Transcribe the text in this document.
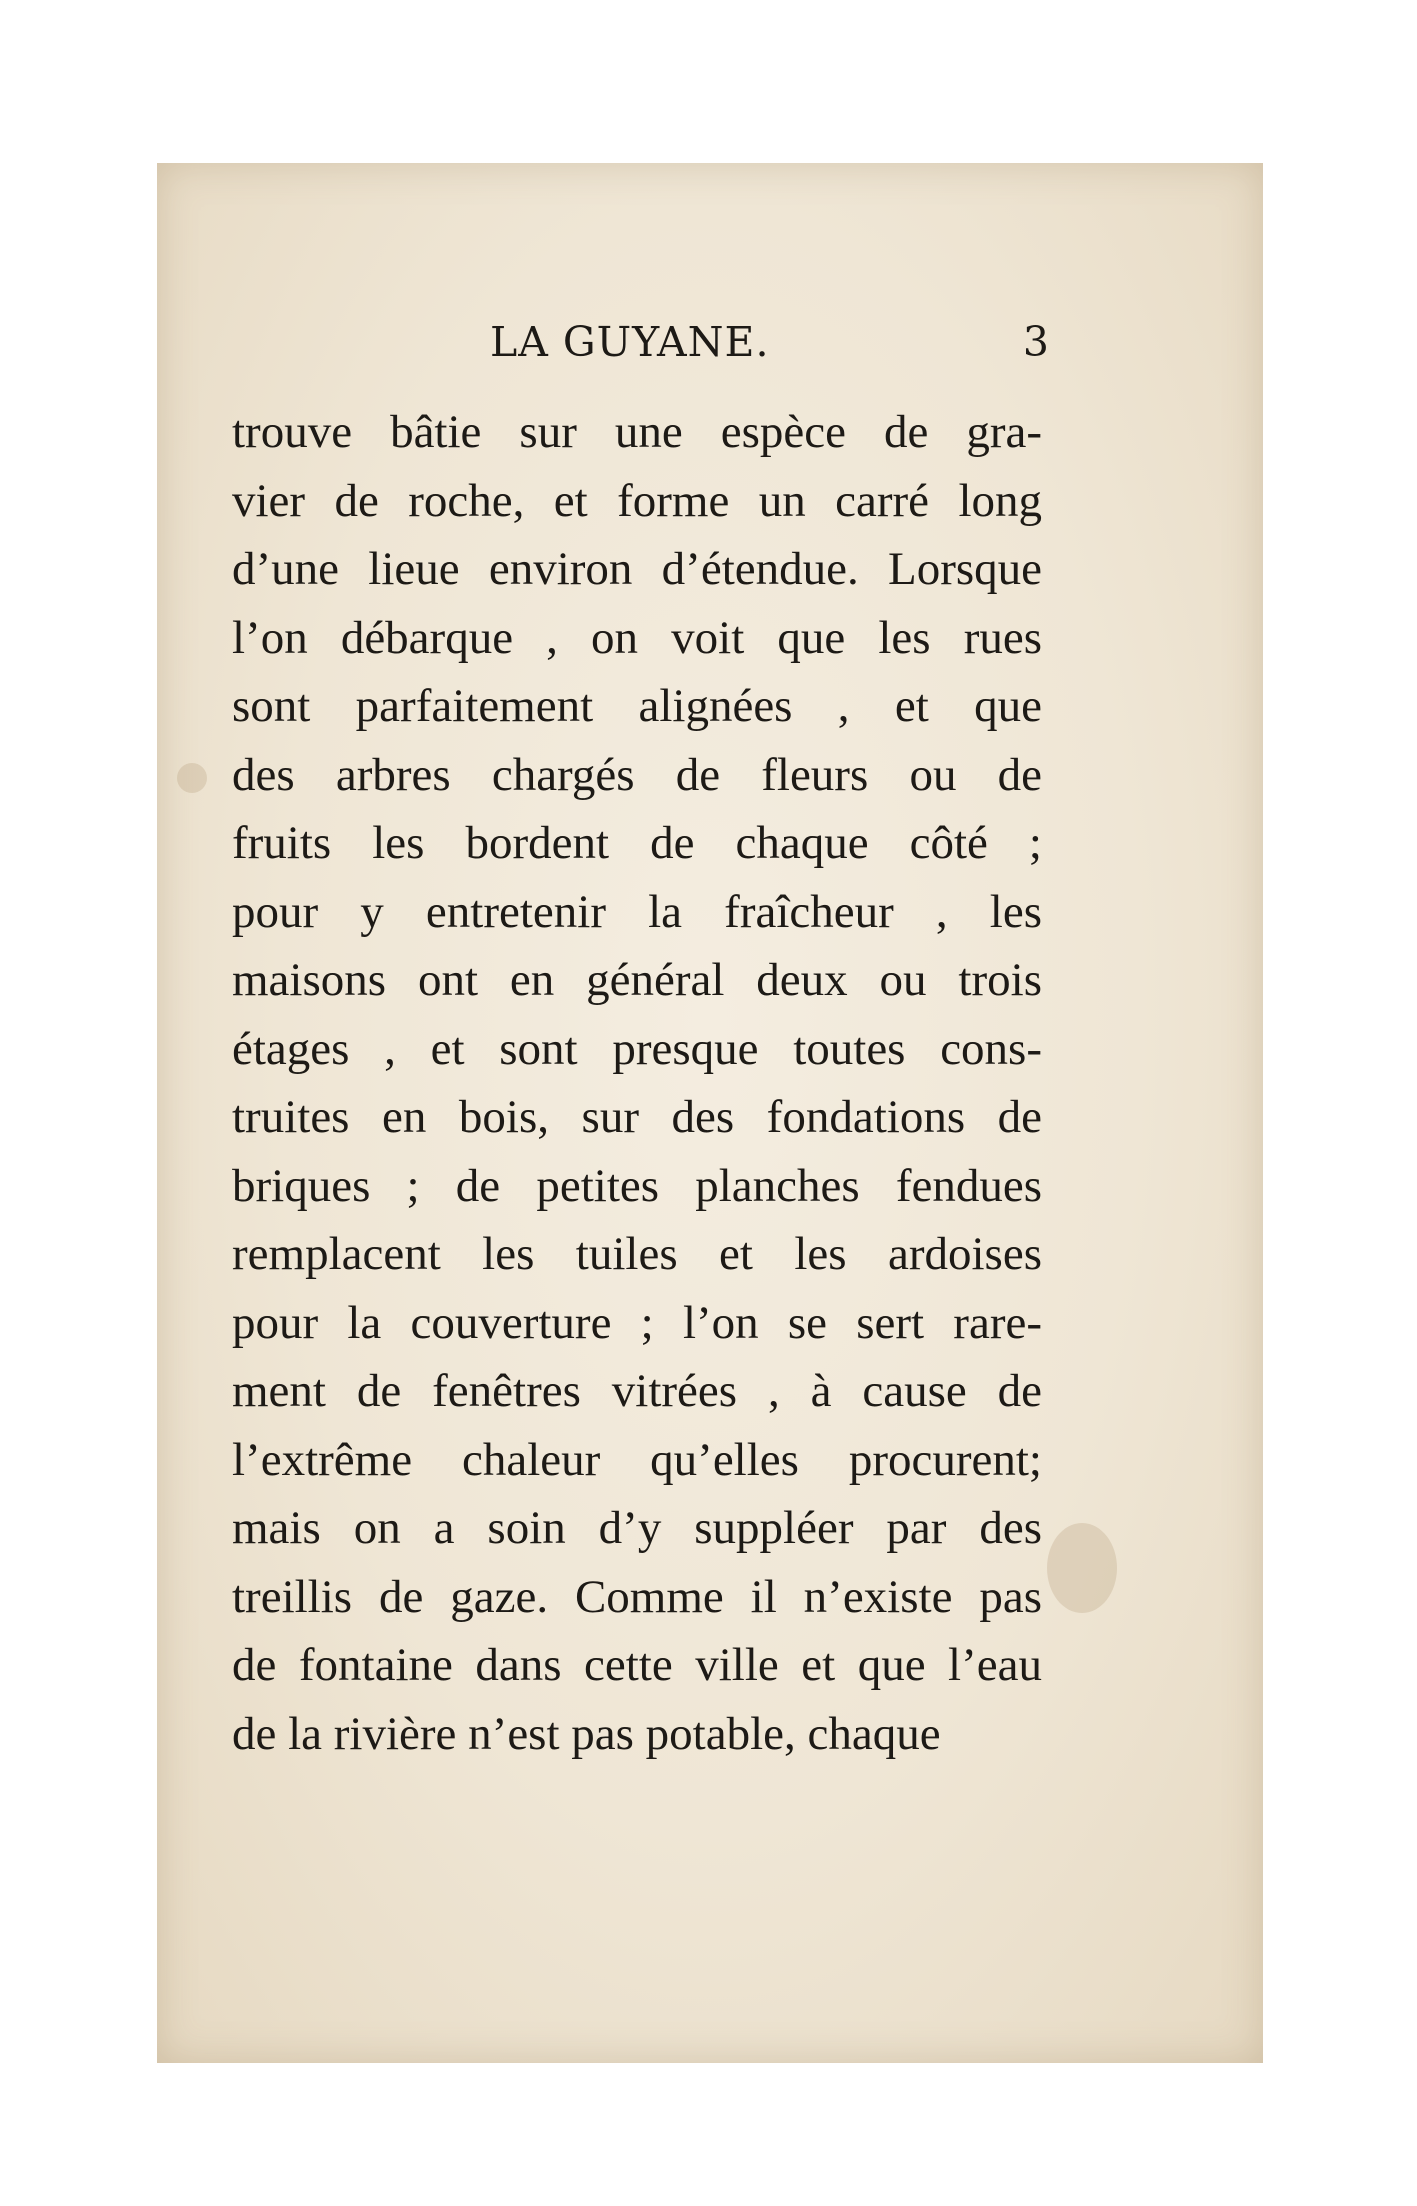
LA GUYANE.	3
trouve bâtie sur une espèce de gra-
vier de roche, et forme un carré long
d’une lieue environ d’étendue. Lorsque
l’on débarque , on voit que les rues
sont parfaitement alignées , et que
des arbres chargés de fleurs ou de
fruits les bordent de chaque côté ;
pour y entretenir la fraîcheur , les
maisons ont en général deux ou trois
étages , et sont presque toutes cons-
truites en bois, sur des fondations de
briques ; de petites planches fendues
remplacent les tuiles et les ardoises
pour la couverture ; l’on se sert rare-
ment de fenêtres vitrées , à cause de
l’extrême chaleur qu’elles procurent;
mais on a soin d’y suppléer par des
treillis de gaze. Comme il n’existe pas
de fontaine dans cette ville et que l’eau
de la rivière n’est pas potable, chaque
